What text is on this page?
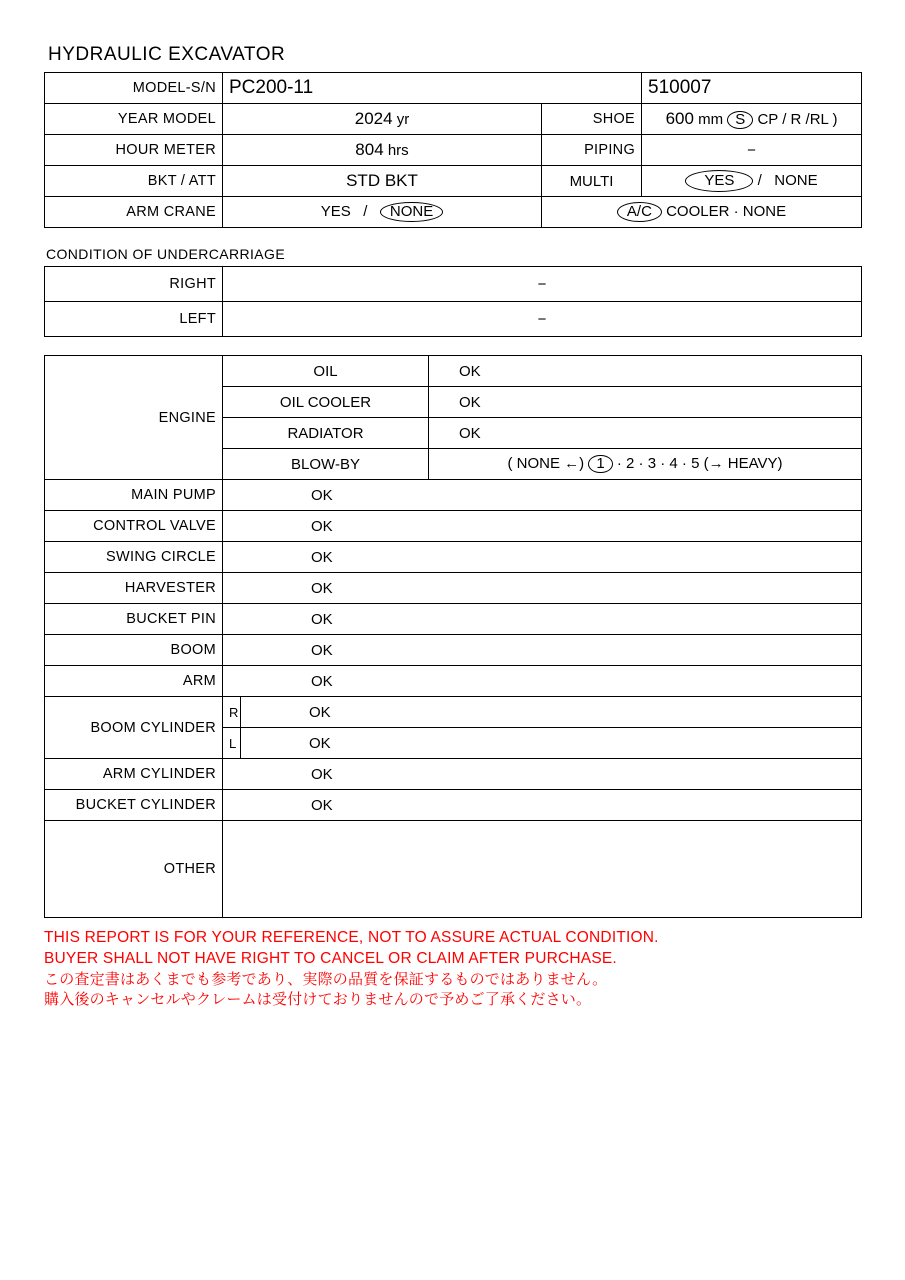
HYDRAULIC EXCAVATOR
MODEL-S/N	PC200-11		510007
YEAR MODEL	2024 yr	SHOE	600 mm S CP / R /RL )
HOUR METER	804 hrs	PIPING	−
BKT / ATT	STD BKT	MULTI	YES / NONE
ARM CRANE	YES   /   NONE	A/C COOLER · NONE	
CONDITION OF UNDERCARRIAGE
RIGHT	−
LEFT	−
ENGINE	OIL		OK
	OIL COOLER		OK
	RADIATOR		OK
	BLOW-BY		( NONE ←) 1 · 2 · 3 · 4 · 5 (→ HEAVY)
MAIN PUMP	OK		
CONTROL VALVE	OK		
SWING CIRCLE	OK		
HARVESTER	OK		
BUCKET PIN	OK		
BOOM	OK		
ARM	OK		
BOOM CYLINDER	R	OK	
	L	OK	
ARM CYLINDER	OK		
BUCKET CYLINDER	OK		
OTHER			
THIS REPORT IS FOR YOUR REFERENCE, NOT TO ASSURE ACTUAL CONDITION.
BUYER SHALL NOT HAVE RIGHT TO CANCEL OR CLAIM AFTER PURCHASE.
この査定書はあくまでも参考であり、実際の品質を保証するものではありません。
購入後のキャンセルやクレームは受付けておりませんので予めご了承ください。
